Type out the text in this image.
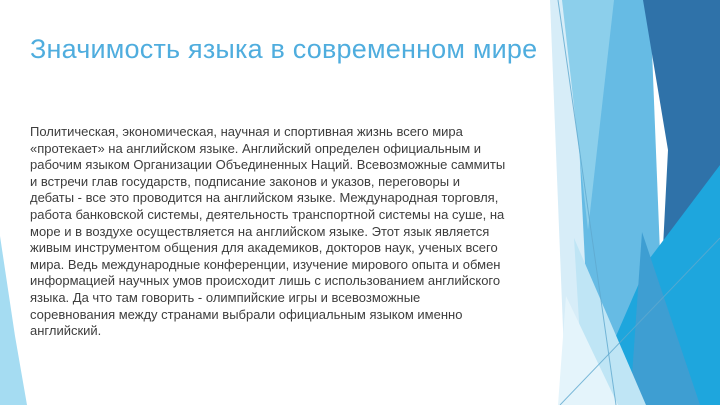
Значимость языка в современном мире
Политическая, экономическая, научная и спортивная жизнь всего мира
«протекает» на английском языке. Английский определен официальным и
рабочим языком Организации Объединенных Наций. Всевозможные саммиты
и встречи глав государств, подписание законов и указов, переговоры и
дебаты - все это проводится на английском языке. Международная торговля,
работа банковской системы, деятельность транспортной системы на суше, на
море и в воздухе осуществляется на английском языке. Этот язык является
живым инструментом общения для академиков, докторов наук, ученых всего
мира. Ведь международные конференции, изучение мирового опыта и обмен
информацией научных умов происходит лишь с использованием английского
языка. Да что там говорить - олимпийские игры и всевозможные
соревнования между странами выбрали официальным языком именно
английский.
